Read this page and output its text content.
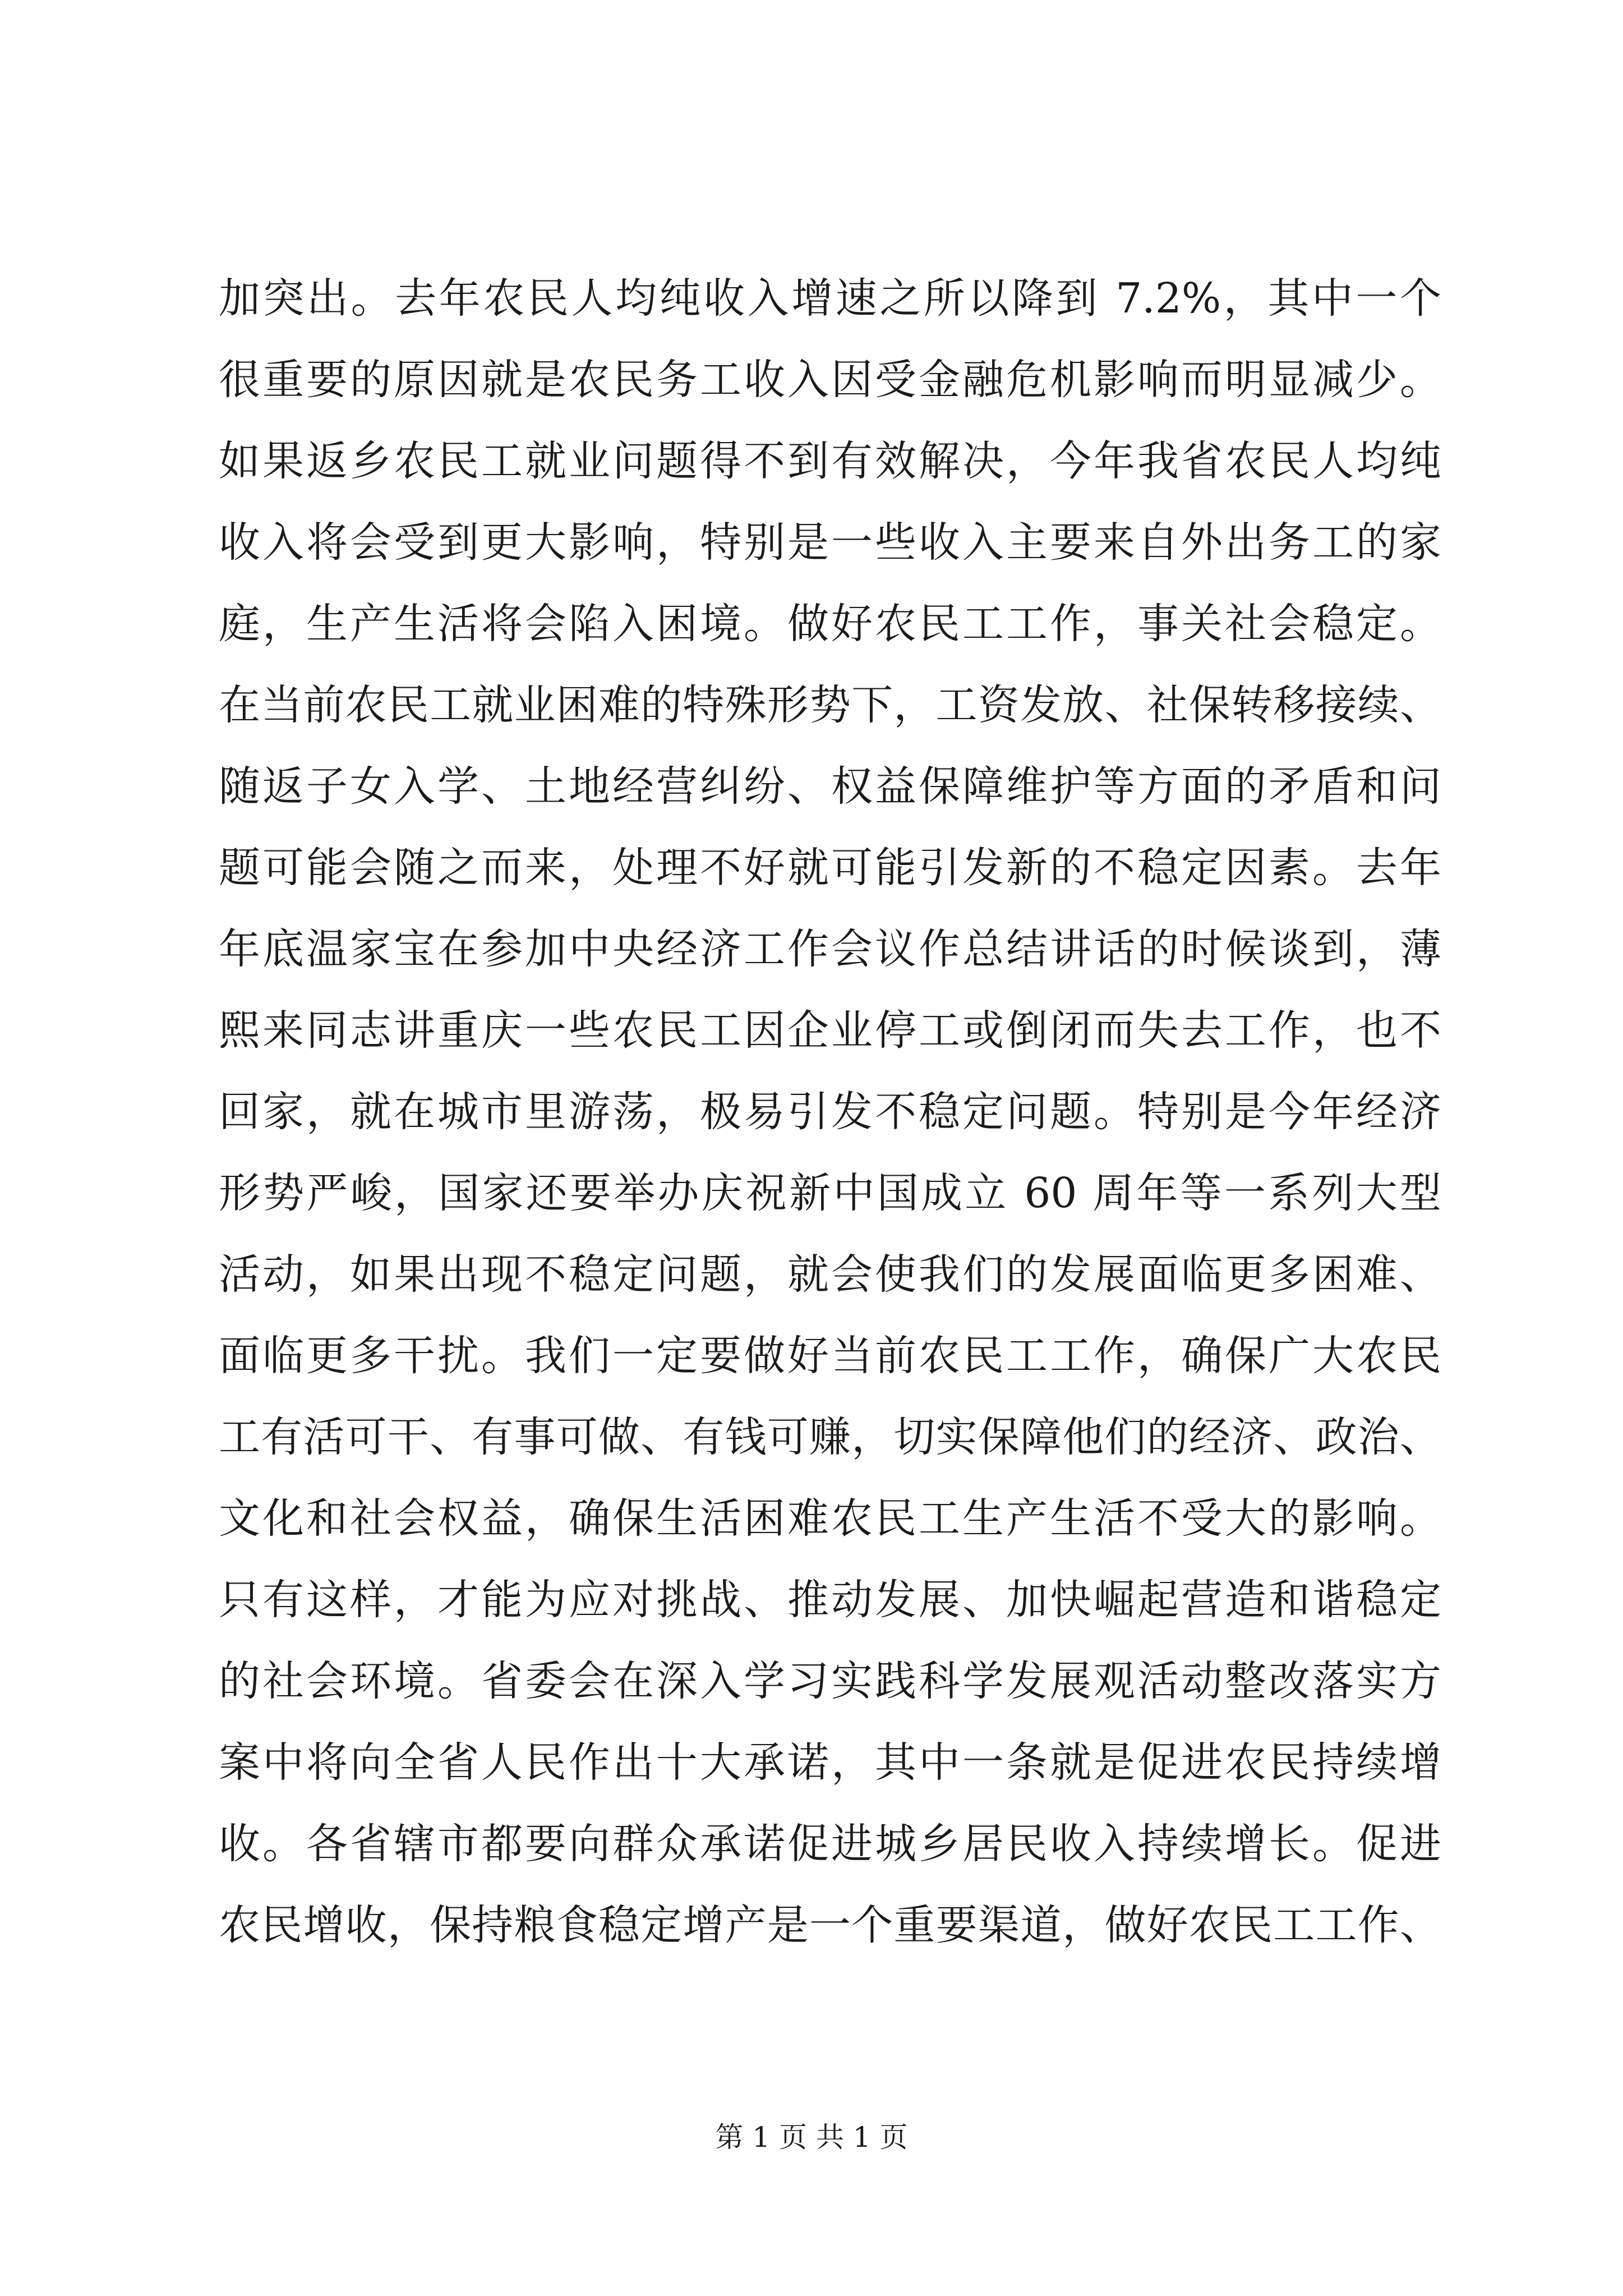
加突出。去年农民人均纯收入增速之所以降到 7.2%，其中一个
很重要的原因就是农民务工收入因受金融危机影响而明显减少。
如果返乡农民工就业问题得不到有效解决，今年我省农民人均纯
收入将会受到更大影响，特别是一些收入主要来自外出务工的家
庭，生产生活将会陷入困境。做好农民工工作，事关社会稳定。
在当前农民工就业困难的特殊形势下，工资发放、社保转移接续、
随返子女入学、土地经营纠纷、权益保障维护等方面的矛盾和问
题可能会随之而来，处理不好就可能引发新的不稳定因素。去年
年底温家宝在参加中央经济工作会议作总结讲话的时候谈到，薄
熙来同志讲重庆一些农民工因企业停工或倒闭而失去工作，也不
回家，就在城市里游荡，极易引发不稳定问题。特别是今年经济
形势严峻，国家还要举办庆祝新中国成立 60 周年等一系列大型
活动，如果出现不稳定问题，就会使我们的发展面临更多困难、
面临更多干扰。我们一定要做好当前农民工工作，确保广大农民
工有活可干、有事可做、有钱可赚，切实保障他们的经济、政治、
文化和社会权益，确保生活困难农民工生产生活不受大的影响。
只有这样，才能为应对挑战、推动发展、加快崛起营造和谐稳定
的社会环境。省委会在深入学习实践科学发展观活动整改落实方
案中将向全省人民作出十大承诺，其中一条就是促进农民持续增
收。各省辖市都要向群众承诺促进城乡居民收入持续增长。促进
农民增收，保持粮食稳定增产是一个重要渠道，做好农民工工作、
第 1 页 共 1 页
